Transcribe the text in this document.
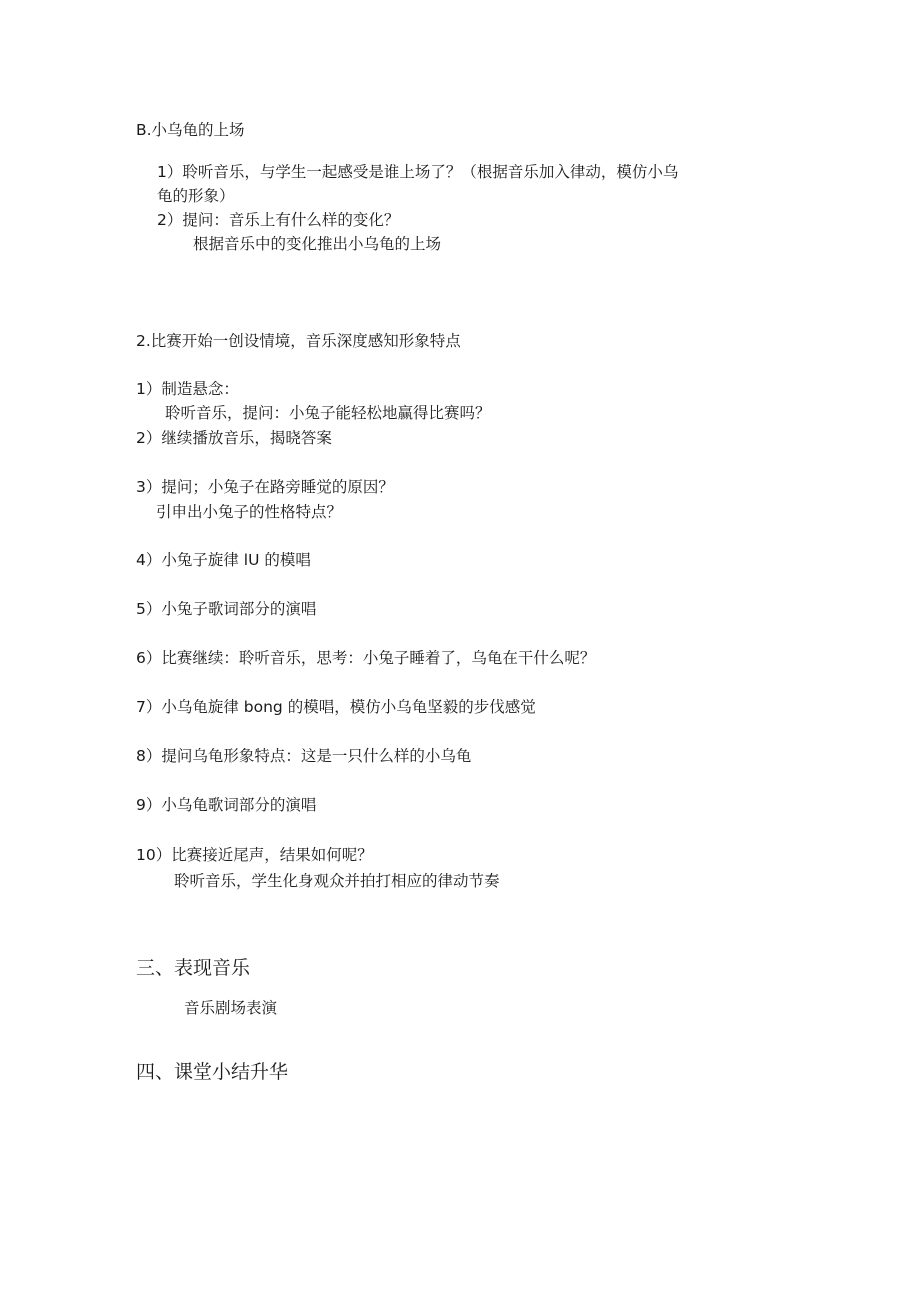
B.小乌龟的上场
1）聆听音乐，与学生一起感受是谁上场了？（根据音乐加入律动，模仿小乌
龟的形象）
2）提问：音乐上有什么样的变化？
根据音乐中的变化推出小乌龟的上场
2.比赛开始一创设情境，音乐深度感知形象特点
1）制造悬念：
聆听音乐，提问：小兔子能轻松地赢得比赛吗？
2）继续播放音乐，揭晓答案
3）提问；小兔子在路旁睡觉的原因？
引申出小兔子的性格特点？
4）小兔子旋律 lU 的模唱
5）小兔子歌词部分的演唱
6）比赛继续：聆听音乐，思考：小兔子睡着了，乌龟在干什么呢？
7）小乌龟旋律 bong 的模唱，模仿小乌龟坚毅的步伐感觉
8）提问乌龟形象特点：这是一只什么样的小乌龟
9）小乌龟歌词部分的演唱
10）比赛接近尾声，结果如何呢？
聆听音乐，学生化身观众并拍打相应的律动节奏
三、表现音乐
音乐剧场表演
四、课堂小结升华
